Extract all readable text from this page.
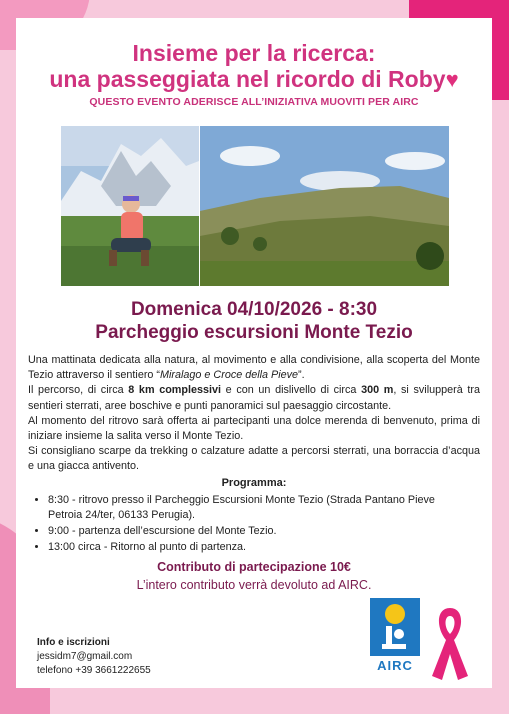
Insieme per la ricerca:
una passeggiata nel ricordo di Roby♥
QUESTO EVENTO ADERISCE ALL’INIZIATIVA MUOVITI PER AIRC
Domenica 04/10/2026 - 8:30
Parcheggio escursioni Monte Tezio

Una mattinata dedicata alla natura, al movimento e alla condivisione, alla scoperta del Monte Tezio attraverso il sentiero “Miralago e Croce della Pieve”.

Il percorso, di circa 8 km complessivi e con un dislivello di circa 300 m, si svilupperà tra sentieri sterrati, aree boschive e punti panoramici sul paesaggio circostante.

Al momento del ritrovo sarà offerta ai partecipanti una dolce merenda di benvenuto, prima di iniziare insieme la salita verso il Monte Tezio.

Si consigliano scarpe da trekking o calzature adatte a percorsi sterrati, una borraccia d’acqua e una giacca antivento.

Programma:
• 8:30 - ritrovo presso il Parcheggio Escursioni Monte Tezio (Strada Pantano Pieve Petroia 24/ter, 06133 Perugia).
• 9:00 - partenza dell’escursione del Monte Tezio.
• 13:00 circa - Ritorno al punto di partenza.
Contributo di partecipazione 10€
L’intero contributo verrà devoluto ad AIRC.
Info e iscrizioni
jessidm7@gmail.com
telefono +39 3661222655	AIRC
